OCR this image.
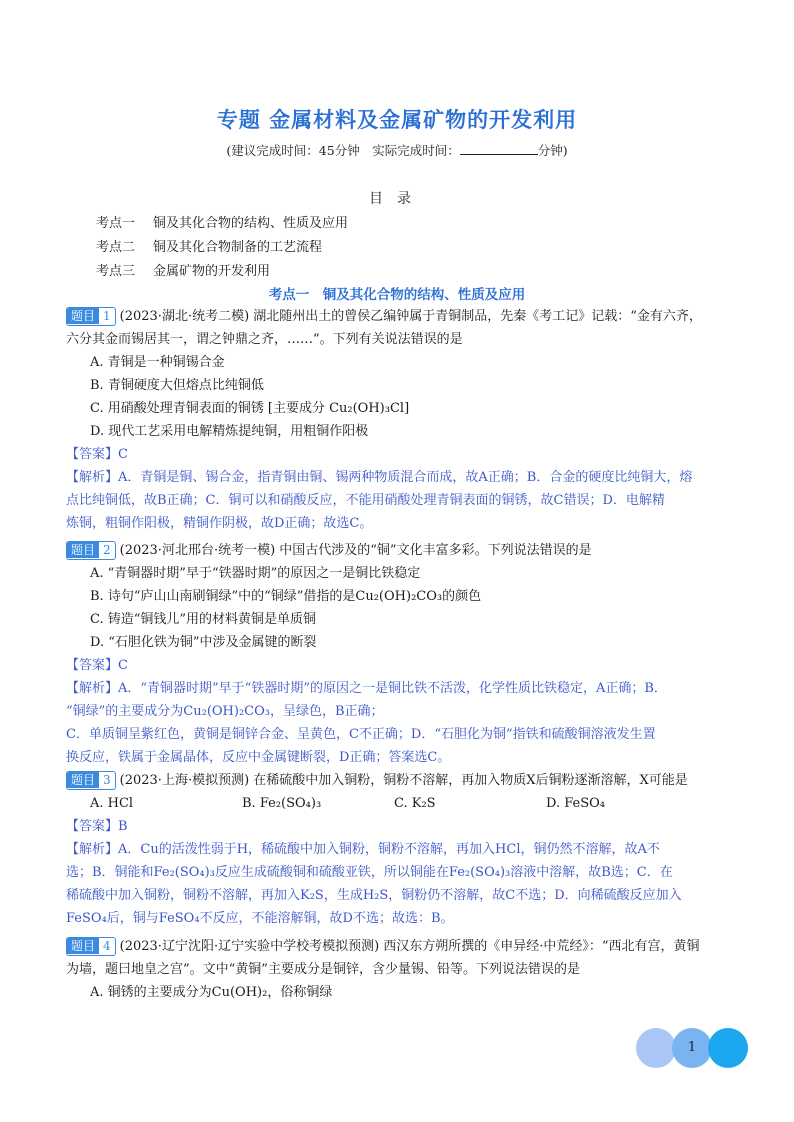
专题 金属材料及金属矿物的开发利用
(建议完成时间：45分钟　实际完成时间：	分钟)
目录
考点一 铜及其化合物的结构、性质及应用
考点二 铜及其化合物制备的工艺流程
考点三 金属矿物的开发利用
考点一　铜及其化合物的结构、性质及应用
题目 1 (2023·湖北·统考二模) 湖北随州出土的曾侯乙编钟属于青铜制品，先秦《考工记》记载：“金有六齐，
六分其金而锡居其一，谓之钟鼎之齐，……”。下列有关说法错误的是
A. 青铜是一种铜锡合金
B. 青铜硬度大但熔点比纯铜低
C. 用硝酸处理青铜表面的铜锈 [主要成分 Cu₂(OH)₃Cl]
D. 现代工艺采用电解精炼提纯铜，用粗铜作阳极
【答案】C
【解析】A．青铜是铜、锡合金，指青铜由铜、锡两种物质混合而成，故A正确；B．合金的硬度比纯铜大，熔
点比纯铜低，故B正确；C．铜可以和硝酸反应，不能用硝酸处理青铜表面的铜锈，故C错误；D．电解精
炼铜，粗铜作阳极，精铜作阴极，故D正确；故选C。
题目 2 (2023·河北邢台·统考一模) 中国古代涉及的“铜”文化丰富多彩。下列说法错误的是
A. “青铜器时期”早于“铁器时期”的原因之一是铜比铁稳定
B. 诗句“庐山山南刷铜绿”中的“铜绿”借指的是Cu₂(OH)₂CO₃的颜色
C. 铸造“铜钱儿”用的材料黄铜是单质铜
D. “石胆化铁为铜”中涉及金属键的断裂
【答案】C
【解析】A．“青铜器时期”早于“铁器时期”的原因之一是铜比铁不活泼，化学性质比铁稳定，A正确；B．
“铜绿”的主要成分为Cu₂(OH)₂CO₃，呈绿色，B正确；
C．单质铜呈紫红色，黄铜是铜锌合金、呈黄色，C不正确；D．“石胆化为铜”指铁和硫酸铜溶液发生置
换反应，铁属于金属晶体，反应中金属键断裂，D正确；答案选C。
题目 3 (2023·上海·模拟预测) 在稀硫酸中加入铜粉，铜粉不溶解，再加入物质X后铜粉逐渐溶解，X可能是
A. HCl	B. Fe₂(SO₄)₃	C. K₂S	D. FeSO₄
【答案】B
【解析】A．Cu的活泼性弱于H，稀硫酸中加入铜粉，铜粉不溶解，再加入HCl，铜仍然不溶解，故A不
选；B．铜能和Fe₂(SO₄)₃反应生成硫酸铜和硫酸亚铁，所以铜能在Fe₂(SO₄)₃溶液中溶解，故B选；C．在
稀硫酸中加入铜粉，铜粉不溶解，再加入K₂S，生成H₂S，铜粉仍不溶解，故C不选；D．向稀硫酸反应加入
FeSO₄后，铜与FeSO₄不反应，不能溶解铜，故D不选；故选：B。
题目 4 (2023·辽宁沈阳·辽宁实验中学校考模拟预测) 西汉东方朔所撰的《申异经·中荒经》：“西北有宫，黄铜
为墙，题曰地皇之宫”。文中“黄铜”主要成分是铜锌，含少量锡、铅等。下列说法错误的是
A. 铜锈的主要成分为Cu(OH)₂，俗称铜绿
1
